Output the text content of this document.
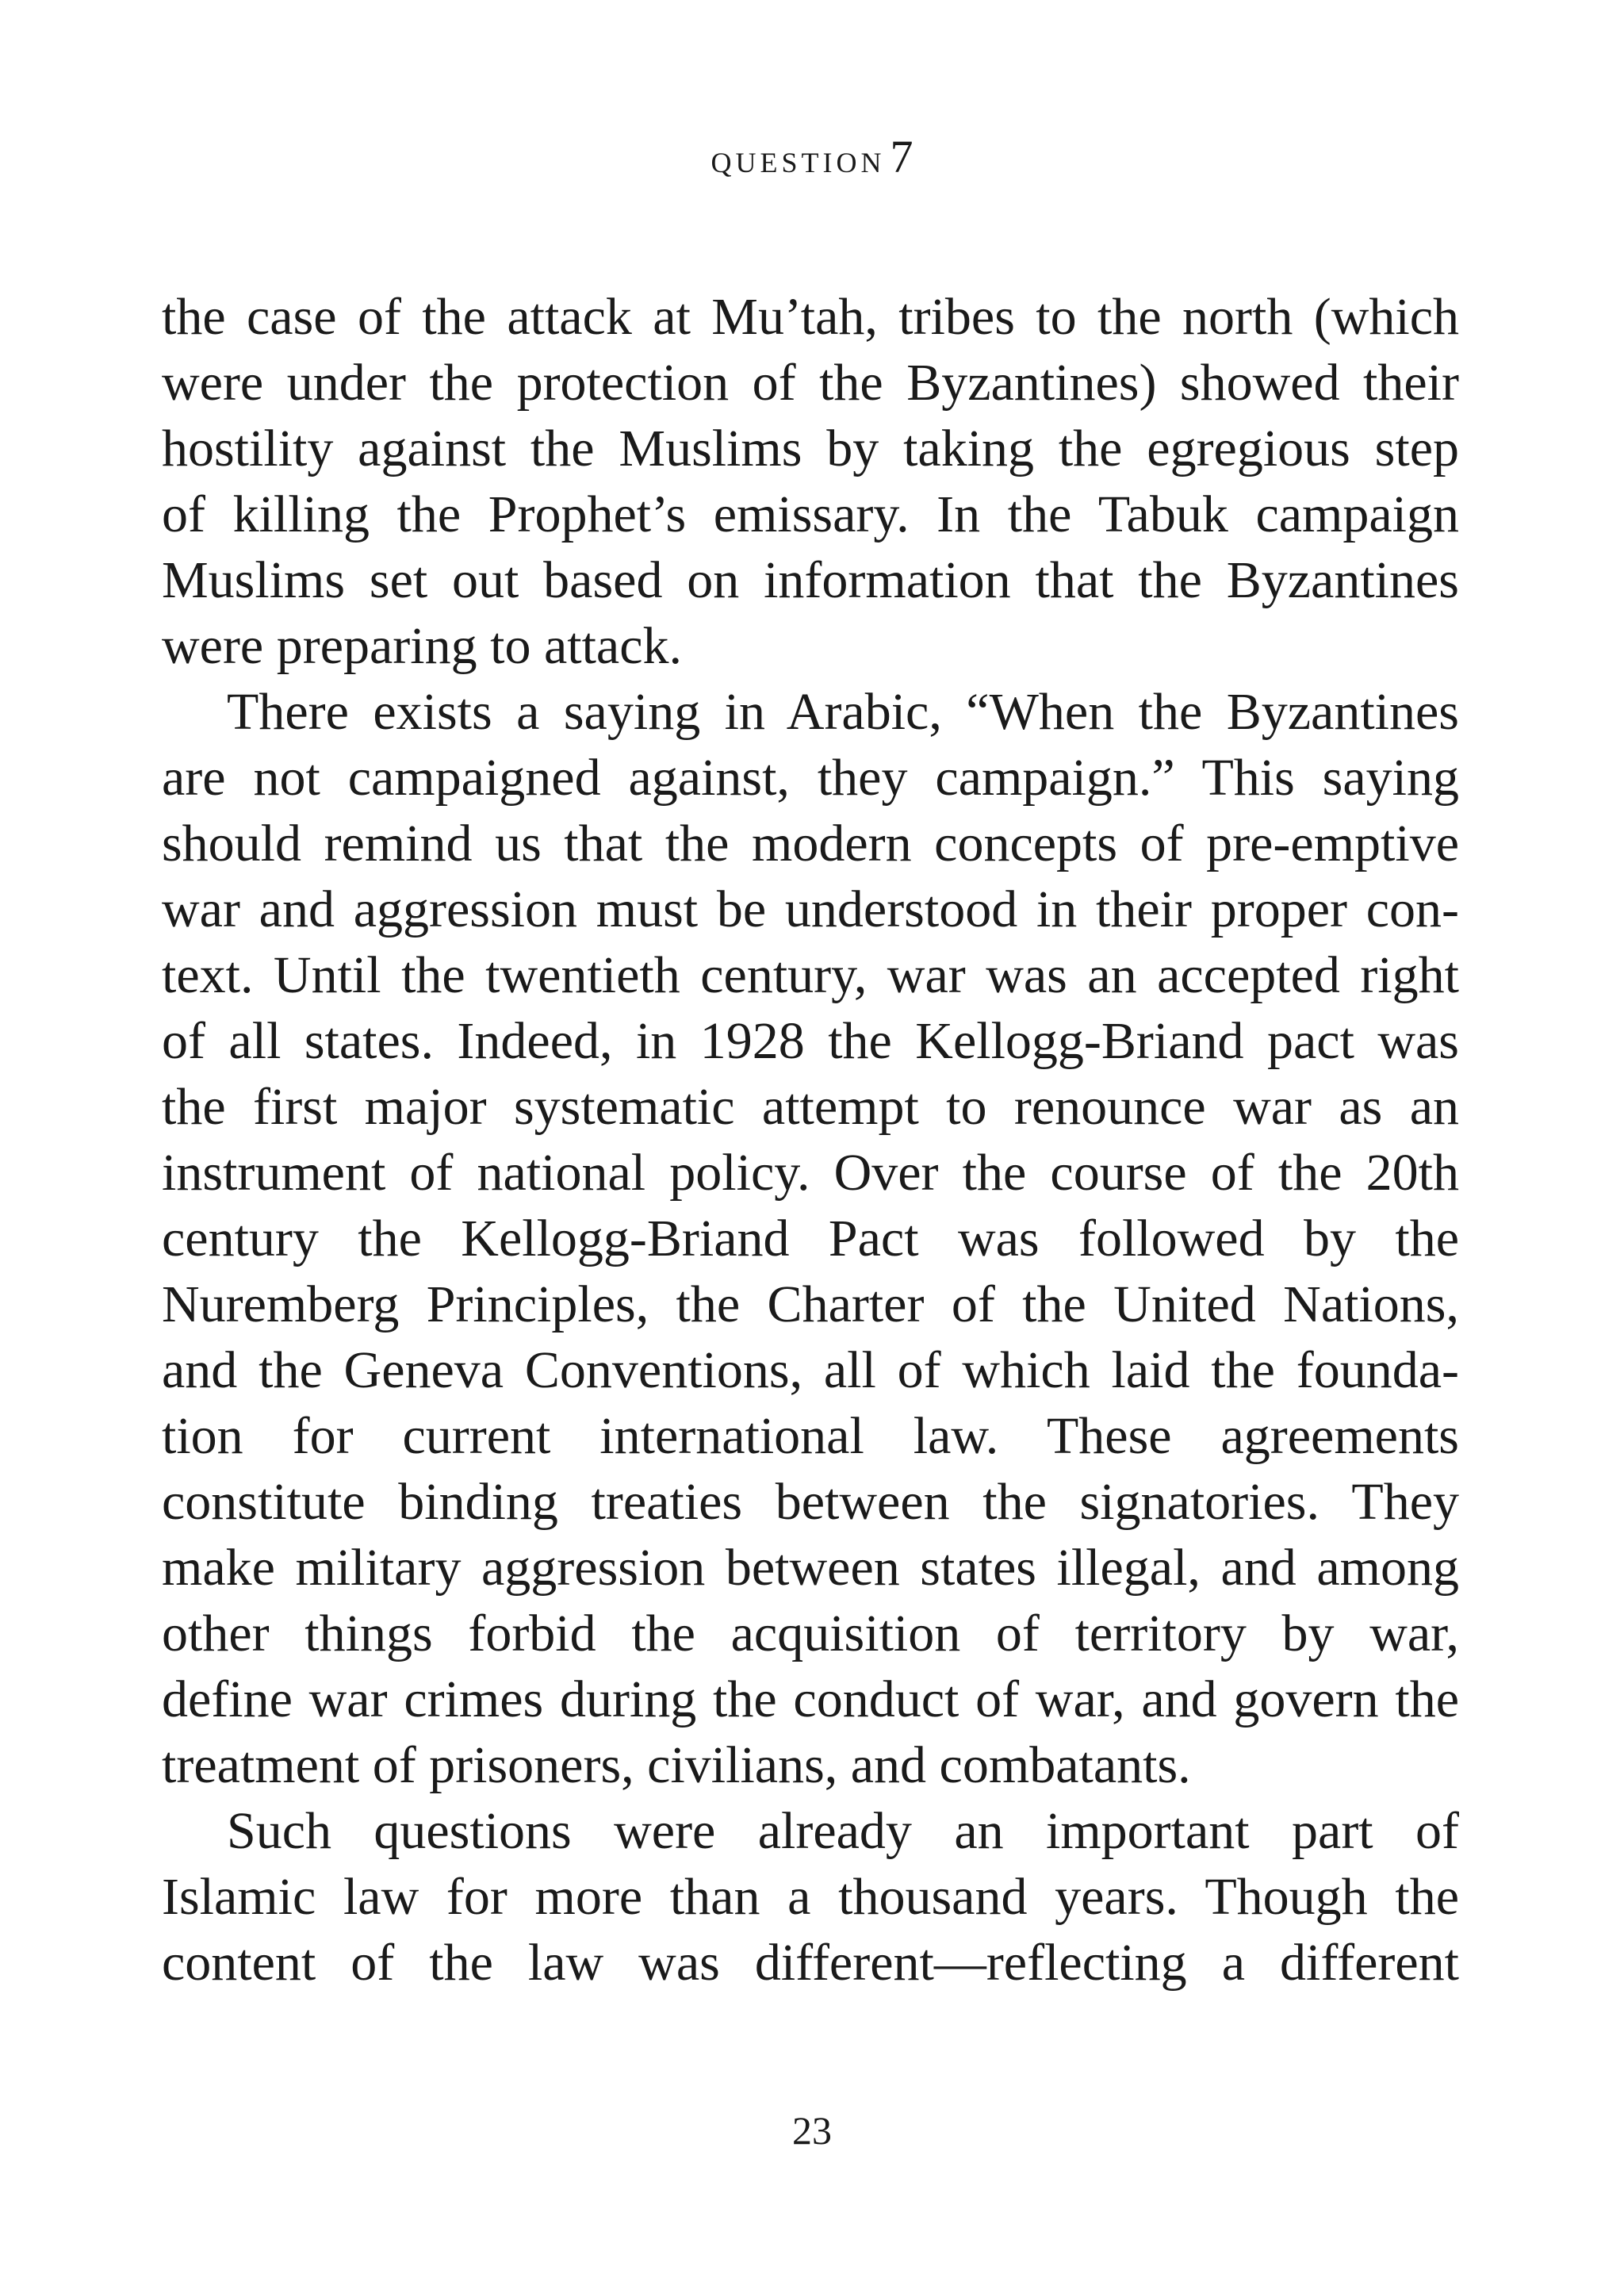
question 7
the case of the attack at Mu’tah, tribes to the north (which
were under the protection of the Byzantines) showed their
hostility against the Muslims by taking the egregious step
of killing the Prophet’s emissary. In the Tabuk campaign
Muslims set out based on information that the Byzantines
were preparing to attack.
There exists a saying in Arabic, “When the Byzantines
are not campaigned against, they campaign.” This saying
should remind us that the modern concepts of pre-emptive
war and aggression must be understood in their proper con-
text. Until the twentieth century, war was an accepted right
of all states. Indeed, in 1928 the Kellogg-Briand pact was
the first major systematic attempt to renounce war as an
instrument of national policy. Over the course of the 20th
century the Kellogg-Briand Pact was followed by the
Nuremberg Principles, the Charter of the United Nations,
and the Geneva Conventions, all of which laid the founda-
tion for current international law. These agreements
constitute binding treaties between the signatories. They
make military aggression between states illegal, and among
other things forbid the acquisition of territory by war,
define war crimes during the conduct of war, and govern the
treatment of prisoners, civilians, and combatants.
Such questions were already an important part of
Islamic law for more than a thousand years. Though the
content of the law was different—reflecting a different
23
